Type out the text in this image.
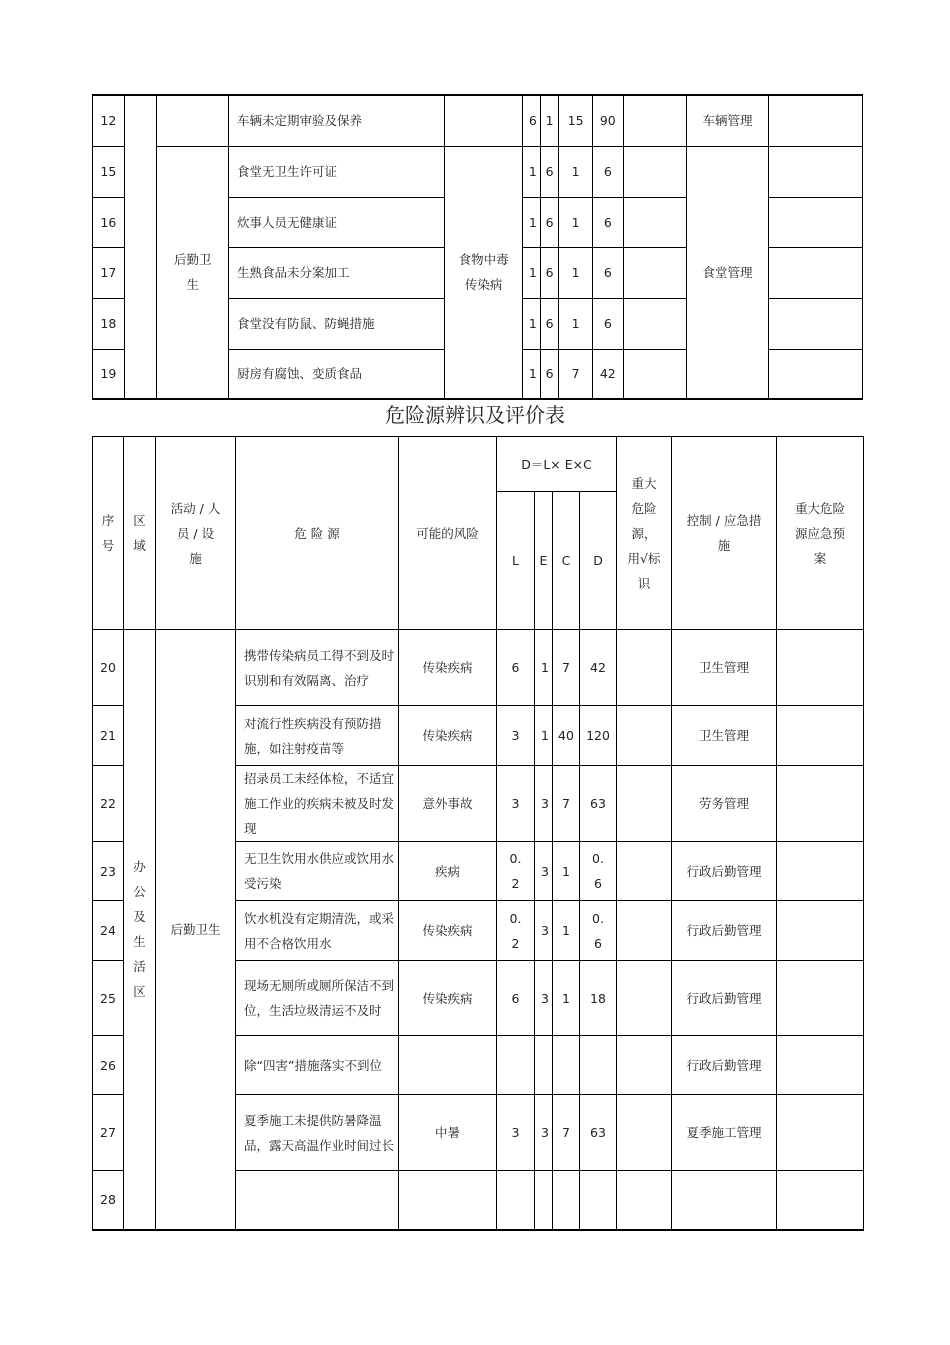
12			车辆未定期审验及保养		6	1	15	90		车辆管理	
15		后勤卫生	食堂无卫生许可证	食物中毒传染病	1	6	1	6		食堂管理	
16			炊事人员无健康证		1	6	1	6			
17			生熟食品未分案加工		1	6	1	6			
18			食堂没有防鼠、防蝇措施		1	6	1	6			
19			厨房有腐蚀、变质食品		1	6	7	42			
危险源辨识及评价表
序号	区域	活动 / 人员 / 设 施	危 险 源	可能的风险	D＝L× E×C				重大危险源，用√标识	控制 / 应急措施	重大危险源应急预案
					L	E	C	D			
20	办公及生活区	后勤卫生	携带传染病员工得不到及时识别和有效隔离、治疗	传染疾病	6	1	7	42		卫生管理	
21			对流行性疾病没有预防措施，如注射疫苗等	传染疾病	3	1	40	120		卫生管理	
22			招录员工未经体检，不适宜施工作业的疾病未被及时发现	意外事故	3	3	7	63		劳务管理	
23			无卫生饮用水供应或饮用水受污染	疾病	0.2	3	1	0.6		行政后勤管理	
24			饮水机没有定期清洗，或采用不合格饮用水	传染疾病	0.2	3	1	0.6		行政后勤管理	
25			现场无厕所或厕所保洁不到位，生活垃圾清运不及时	传染疾病	6	3	1	18		行政后勤管理	
26			除“四害”措施落实不到位							行政后勤管理	
27			夏季施工未提供防暑降温品，露天高温作业时间过长	中暑	3	3	7	63		夏季施工管理	
28											
